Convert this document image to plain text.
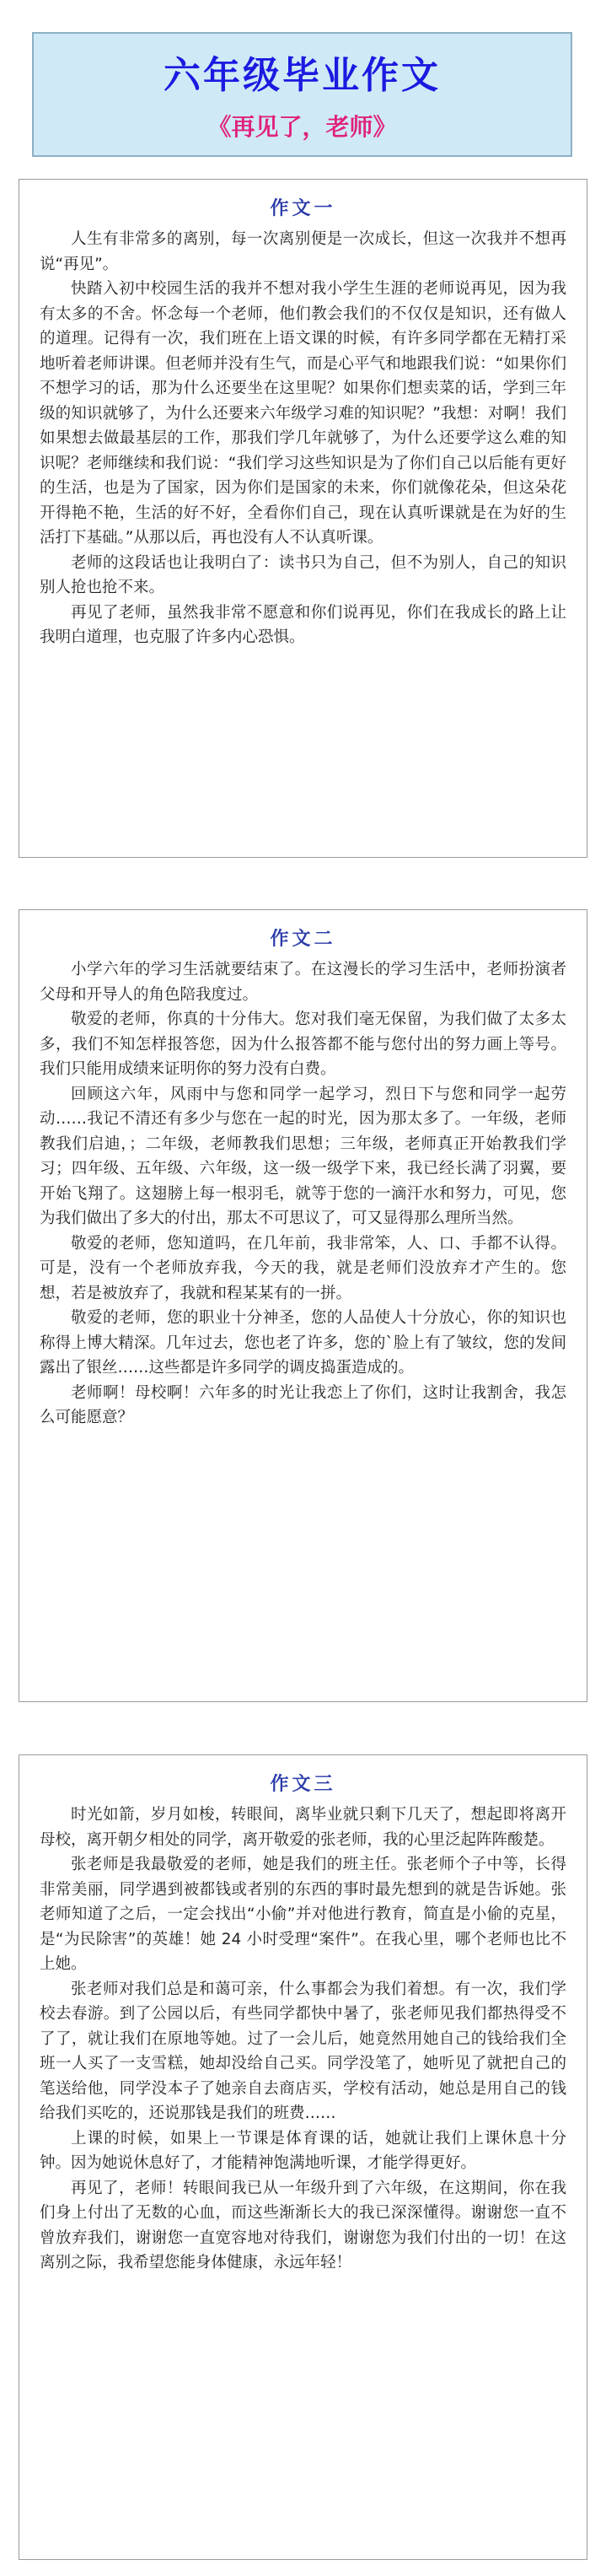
六年级毕业作文
《再见了，老师》
作文一

人生有非常多的离别，每一次离别便是一次成长，但这一次我并不想再说“再见”。

快踏入初中校园生活的我并不想对我小学生生涯的老师说再见，因为我有太多的不舍。怀念每一个老师，他们教会我们的不仅仅是知识，还有做人的道理。记得有一次，我们班在上语文课的时候，有许多同学都在无精打采地听着老师讲课。但老师并没有生气，而是心平气和地跟我们说：“如果你们不想学习的话，那为什么还要坐在这里呢？如果你们想卖菜的话，学到三年级的知识就够了，为什么还要来六年级学习难的知识呢？”我想：对啊！我们如果想去做最基层的工作，那我们学几年就够了，为什么还要学这么难的知识呢？老师继续和我们说：“我们学习这些知识是为了你们自己以后能有更好的生活，也是为了国家，因为你们是国家的未来，你们就像花朵，但这朵花开得艳不艳，生活的好不好，全看你们自己，现在认真听课就是在为好的生活打下基础。”从那以后，再也没有人不认真听课。

老师的这段话也让我明白了：读书只为自己，但不为别人，自己的知识别人抢也抢不来。

再见了老师，虽然我非常不愿意和你们说再见，你们在我成长的路上让我明白道理，也克服了许多内心恐惧。

作文二

小学六年的学习生活就要结束了。在这漫长的学习生活中，老师扮演者父母和开导人的角色陪我度过。

敬爱的老师，你真的十分伟大。您对我们毫无保留，为我们做了太多太多，我们不知怎样报答您，因为什么报答都不能与您付出的努力画上等号。我们只能用成绩来证明你的努力没有白费。

回顾这六年，风雨中与您和同学一起学习，烈日下与您和同学一起劳动……我记不清还有多少与您在一起的时光，因为那太多了。一年级，老师教我们启迪，；二年级，老师教我们思想；三年级，老师真正开始教我们学习；四年级、五年级、六年级，这一级一级学下来，我已经长满了羽翼，要开始飞翔了。这翅膀上每一根羽毛，就等于您的一滴汗水和努力，可见，您为我们做出了多大的付出，那太不可思议了，可又显得那么理所当然。

敬爱的老师，您知道吗，在几年前，我非常笨，人、口、手都不认得。可是，没有一个老师放弃我，今天的我，就是老师们没放弃才产生的。您想，若是被放弃了，我就和程某某有的一拼。

敬爱的老师，您的职业十分神圣，您的人品使人十分放心，你的知识也称得上博大精深。几年过去，您也老了许多，您的`脸上有了皱纹，您的发间露出了银丝……这些都是许多同学的调皮捣蛋造成的。

老师啊！母校啊！六年多的时光让我恋上了你们，这时让我割舍，我怎么可能愿意？

作文三

时光如箭，岁月如梭，转眼间，离毕业就只剩下几天了，想起即将离开母校，离开朝夕相处的同学，离开敬爱的张老师，我的心里泛起阵阵酸楚。

张老师是我最敬爱的老师，她是我们的班主任。张老师个子中等，长得非常美丽，同学遇到被都钱或者别的东西的事时最先想到的就是告诉她。张老师知道了之后，一定会找出“小偷”并对他进行教育，简直是小偷的克星，是“为民除害”的英雄！她 24 小时受理“案件”。在我心里，哪个老师也比不上她。

张老师对我们总是和蔼可亲，什么事都会为我们着想。有一次，我们学校去春游。到了公园以后，有些同学都快中暑了，张老师见我们都热得受不了了，就让我们在原地等她。过了一会儿后，她竟然用她自己的钱给我们全班一人买了一支雪糕，她却没给自己买。同学没笔了，她听见了就把自己的笔送给他，同学没本子了她亲自去商店买，学校有活动，她总是用自己的钱给我们买吃的，还说那钱是我们的班费……

上课的时候，如果上一节课是体育课的话，她就让我们上课休息十分钟。因为她说休息好了，才能精神饱满地听课，才能学得更好。

再见了，老师！转眼间我已从一年级升到了六年级，在这期间，你在我们身上付出了无数的心血，而这些渐渐长大的我已深深懂得。谢谢您一直不曾放弃我们，谢谢您一直宽容地对待我们，谢谢您为我们付出的一切！在这离别之际，我希望您能身体健康，永远年轻！
